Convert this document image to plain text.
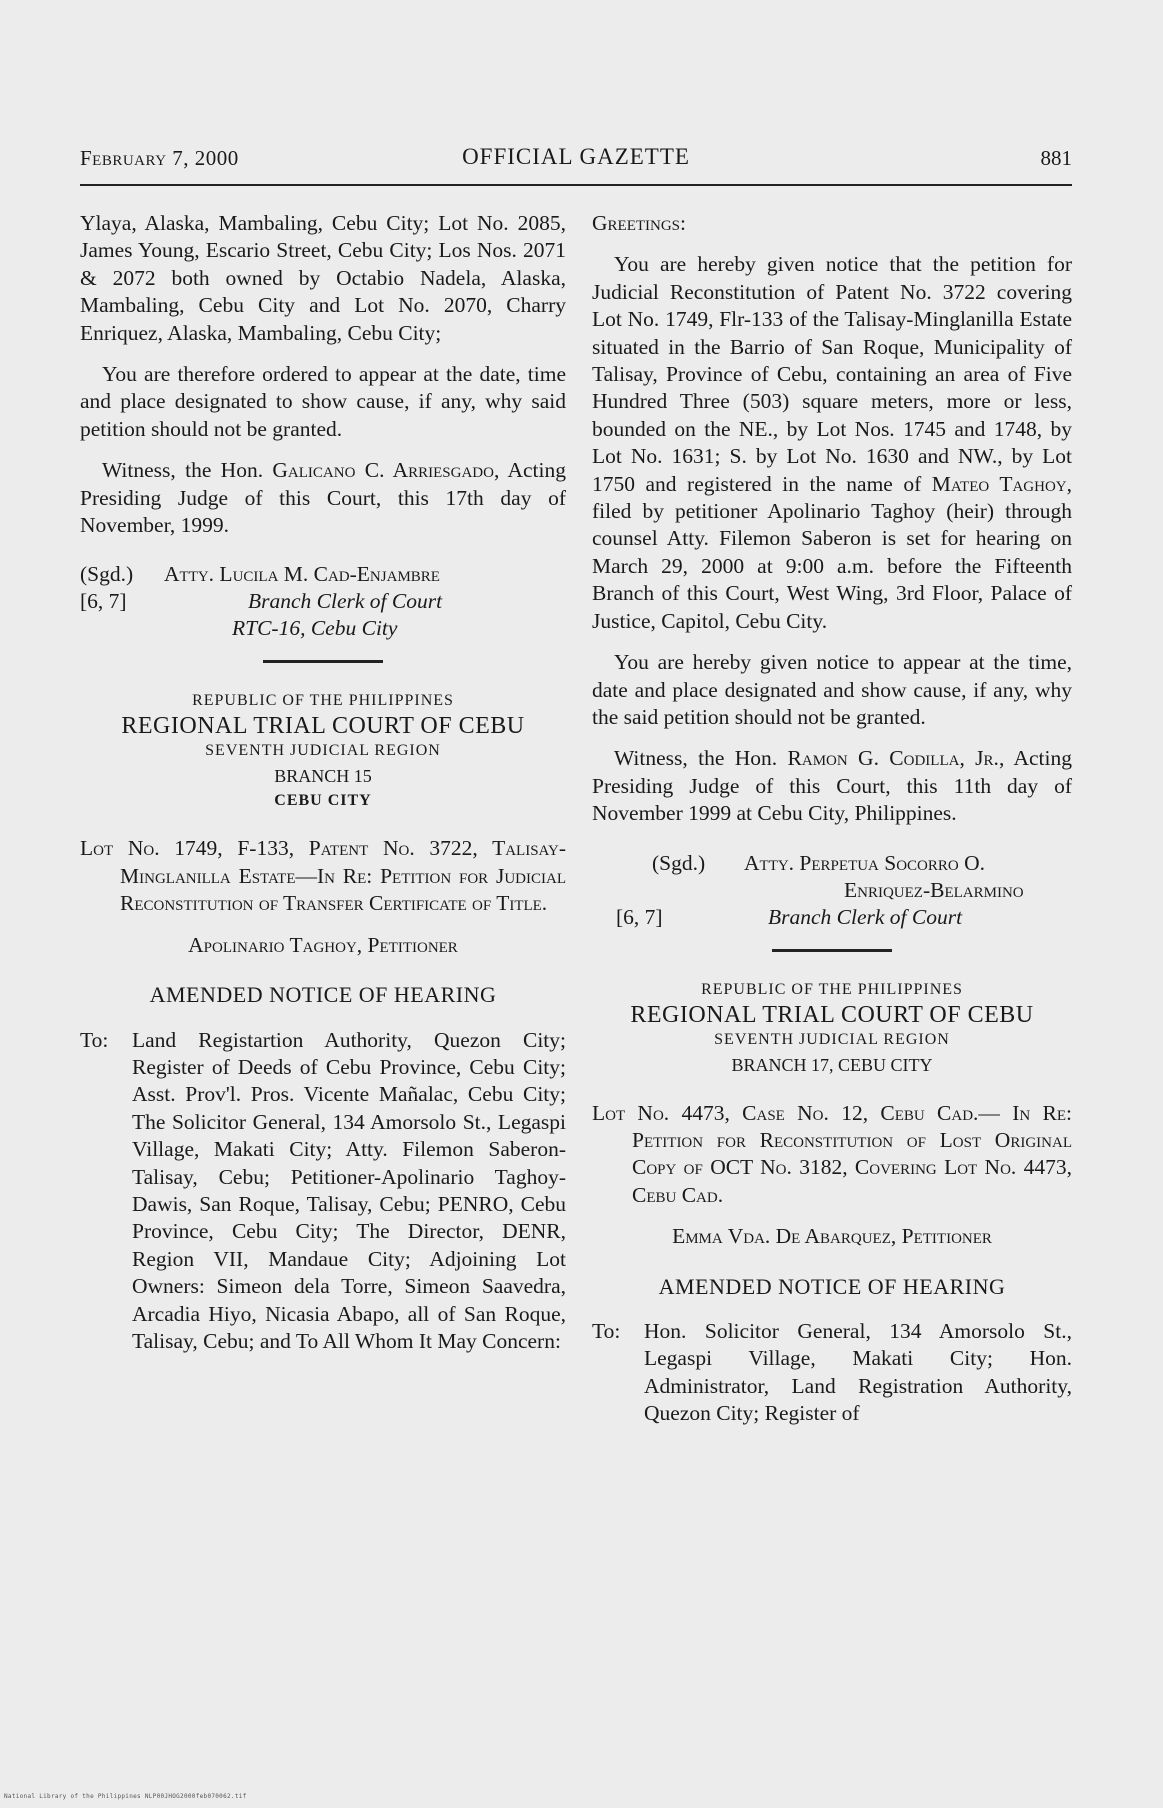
February 7, 2000	OFFICIAL GAZETTE	881

Ylaya, Alaska, Mambaling, Cebu City; Lot No. 2085, James Young, Escario Street, Cebu City; Los Nos. 2071 & 2072 both owned by Octabio Nadela, Alaska, Mambaling, Cebu City and Lot No. 2070, Charry Enriquez, Alaska, Mambaling, Cebu City;

You are therefore ordered to appear at the date, time and place designated to show cause, if any, why said petition should not be granted.

Witness, the Hon. Galicano C. Arriesgado, Acting Presiding Judge of this Court, this 17th day of November, 1999.

(Sgd.)	Atty. Lucila M. Cad-Enjambre
[6, 7]	Branch Clerk of Court
RTC-16, Cebu City
REPUBLIC OF THE PHILIPPINES
REGIONAL TRIAL COURT OF CEBU
SEVENTH JUDICIAL REGION
BRANCH 15
CEBU CITY
Lot No. 1749, F-133, Patent No. 3722, Talisay-Minglanilla Estate—In Re: Petition for Judicial Reconstitution of Transfer Certificate of Title.
Apolinario Taghoy, Petitioner
AMENDED NOTICE OF HEARING
To:	Land Registartion Authority, Quezon City; Register of Deeds of Cebu Province, Cebu City; Asst. Prov'l. Pros. Vicente Mañalac, Cebu City; The Solicitor General, 134 Amorsolo St., Legaspi Village, Makati City; Atty. Filemon Saberon-Talisay, Cebu; Petitioner-Apolinario Taghoy-Dawis, San Roque, Talisay, Cebu; PENRO, Cebu Province, Cebu City; The Director, DENR, Region VII, Mandaue City; Adjoining Lot Owners: Simeon dela Torre, Simeon Saavedra, Arcadia Hiyo, Nicasia Abapo, all of San Roque, Talisay, Cebu; and To All Whom It May Concern:

Greetings:

You are hereby given notice that the petition for Judicial Reconstitution of Patent No. 3722 covering Lot No. 1749, Flr-133 of the Talisay-Minglanilla Estate situated in the Barrio of San Roque, Municipality of Talisay, Province of Cebu, containing an area of Five Hundred Three (503) square meters, more or less, bounded on the NE., by Lot Nos. 1745 and 1748, by Lot No. 1631; S. by Lot No. 1630 and NW., by Lot 1750 and registered in the name of Mateo Taghoy, filed by petitioner Apolinario Taghoy (heir) through counsel Atty. Filemon Saberon is set for hearing on March 29, 2000 at 9:00 a.m. before the Fifteenth Branch of this Court, West Wing, 3rd Floor, Palace of Justice, Capitol, Cebu City.

You are hereby given notice to appear at the time, date and place designated and show cause, if any, why the said petition should not be granted.

Witness, the Hon. Ramon G. Codilla, Jr., Acting Presiding Judge of this Court, this 11th day of November 1999 at Cebu City, Philippines.

(Sgd.)	Atty. Perpetua Socorro O.
Enriquez-Belarmino
[6, 7]	Branch Clerk of Court
REPUBLIC OF THE PHILIPPINES
REGIONAL TRIAL COURT OF CEBU
SEVENTH JUDICIAL REGION
BRANCH 17, CEBU CITY
Lot No. 4473, Case No. 12, Cebu Cad.— In Re: Petition for Reconstitution of Lost Original Copy of OCT No. 3182, Covering Lot No. 4473, Cebu Cad.
Emma Vda. De Abarquez, Petitioner
AMENDED NOTICE OF HEARING
To:	Hon. Solicitor General, 134 Amorsolo St., Legaspi Village, Makati City; Hon. Administrator, Land Registration Authority, Quezon City; Register of
National Library of the Philippines NLP00JHOG2000feb070062.tif
